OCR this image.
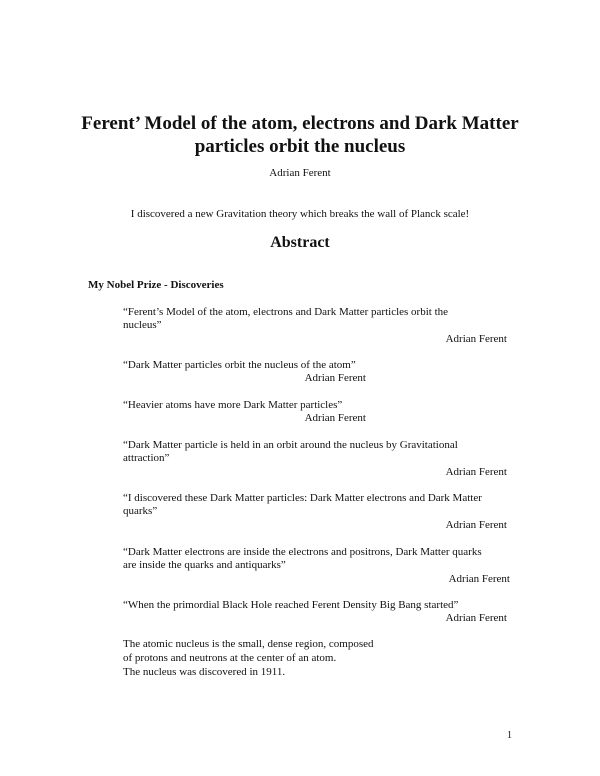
Ferent’ Model of the atom, electrons and Dark Matter
particles orbit the nucleus
Adrian Ferent
I discovered a new Gravitation theory which breaks the wall of Planck scale!
Abstract
My Nobel Prize - Discoveries
“Ferent’s Model of the atom, electrons and Dark Matter particles orbit the
nucleus”
Adrian Ferent
“Dark Matter particles orbit the nucleus of the atom”
Adrian Ferent
“Heavier atoms have more Dark Matter particles”
Adrian Ferent
“Dark Matter particle is held in an orbit around the nucleus by Gravitational
attraction”
Adrian Ferent
“I discovered these Dark Matter particles: Dark Matter electrons and Dark Matter
quarks”
Adrian Ferent
“Dark Matter electrons are inside the electrons and positrons, Dark Matter quarks
are inside the quarks and antiquarks”
Adrian Ferent
“When the primordial Black Hole reached Ferent Density Big Bang started”
Adrian Ferent
The atomic nucleus is the small, dense region, composed
of protons and neutrons at the center of an atom.
The nucleus was discovered in 1911.
1
